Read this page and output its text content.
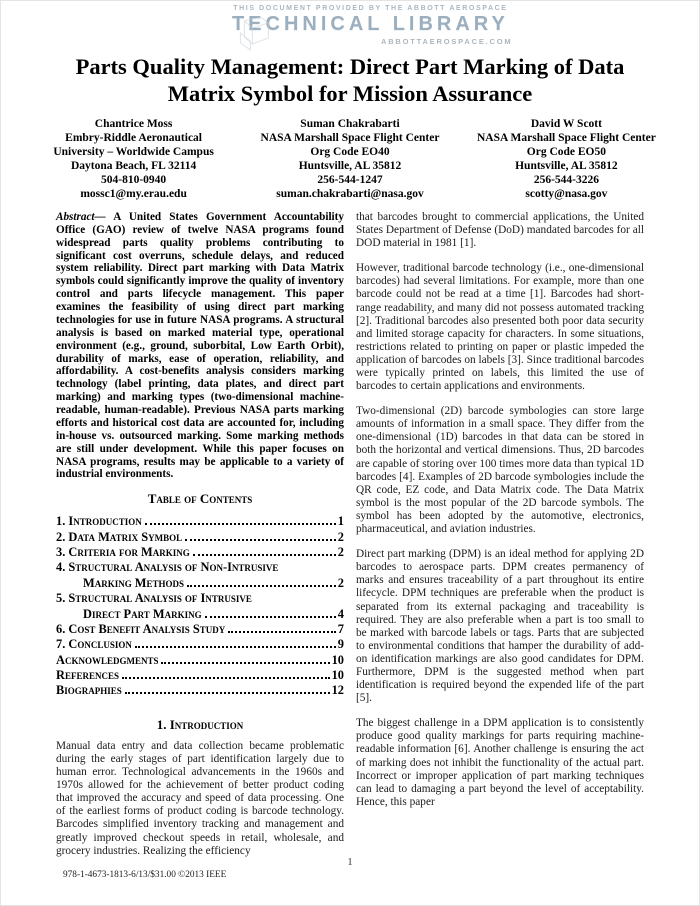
THIS DOCUMENT PROVIDED BY THE ABBOTT AEROSPACE
TECHNICAL LIBRARY
ABBOTTAEROSPACE.COM
Parts Quality Management: Direct Part Marking of Data Matrix Symbol for Mission Assurance
Chantrice Moss
Embry-Riddle Aeronautical
University – Worldwide Campus
Daytona Beach, FL 32114
504-810-0940
mossc1@my.erau.edu
Suman Chakrabarti
NASA Marshall Space Flight Center
Org Code EO40
Huntsville, AL 35812
256-544-1247
suman.chakrabarti@nasa.gov
David W Scott
NASA Marshall Space Flight Center
Org Code EO50
Huntsville, AL 35812
256-544-3226
scotty@nasa.gov

Abstract— A United States Government Accountability Office (GAO) review of twelve NASA programs found widespread parts quality problems contributing to significant cost overruns, schedule delays, and reduced system reliability. Direct part marking with Data Matrix symbols could significantly improve the quality of inventory control and parts lifecycle management. This paper examines the feasibility of using direct part marking technologies for use in future NASA programs. A structural analysis is based on marked material type, operational environment (e.g., ground, suborbital, Low Earth Orbit), durability of marks, ease of operation, reliability, and affordability. A cost-benefits analysis considers marking technology (label printing, data plates, and direct part marking) and marking types (two-dimensional machine-readable, human-readable). Previous NASA parts marking efforts and historical cost data are accounted for, including in-house vs. outsourced marking. Some marking methods are still under development. While this paper focuses on NASA programs, results may be applicable to a variety of industrial environments.

Table of Contents
1. Introduction	1
2. Data Matrix Symbol	2
3. Criteria for Marking	2
4. Structural Analysis of Non-Intrusive
Marking Methods	2
5. Structural Analysis of Intrusive
Direct Part Marking	4
6. Cost Benefit Analysis Study	7
7. Conclusion	9
Acknowledgments	10
References	10
Biographies	12
1. Introduction

Manual data entry and data collection became problematic during the early stages of part identification largely due to human error. Technological advancements in the 1960s and 1970s allowed for the achievement of better product coding that improved the accuracy and speed of data processing. One of the earliest forms of product coding is barcode technology. Barcodes simplified inventory tracking and management and greatly improved checkout speeds in retail, wholesale, and grocery industries. Realizing the efficiency

978-1-4673-1813-6/13/$31.00 ©2013 IEEE

that barcodes brought to commercial applications, the United States Department of Defense (DoD) mandated barcodes for all DOD material in 1981 [1].

However, traditional barcode technology (i.e., one-dimensional barcodes) had several limitations. For example, more than one barcode could not be read at a time [1]. Barcodes had short-range readability, and many did not possess automated tracking [2]. Traditional barcodes also presented both poor data security and limited storage capacity for characters. In some situations, restrictions related to printing on paper or plastic impeded the application of barcodes on labels [3]. Since traditional barcodes were typically printed on labels, this limited the use of barcodes to certain applications and environments.

Two-dimensional (2D) barcode symbologies can store large amounts of information in a small space. They differ from the one-dimensional (1D) barcodes in that data can be stored in both the horizontal and vertical dimensions. Thus, 2D barcodes are capable of storing over 100 times more data than typical 1D barcodes [4]. Examples of 2D barcode symbologies include the QR code, EZ code, and Data Matrix code. The Data Matrix symbol is the most popular of the 2D barcode symbols. The symbol has been adopted by the automotive, electronics, pharmaceutical, and aviation industries.

Direct part marking (DPM) is an ideal method for applying 2D barcodes to aerospace parts. DPM creates permanency of marks and ensures traceability of a part throughout its entire lifecycle. DPM techniques are preferable when the product is separated from its external packaging and traceability is required. They are also preferable when a part is too small to be marked with barcode labels or tags. Parts that are subjected to environmental conditions that hamper the durability of add-on identification markings are also good candidates for DPM. Furthermore, DPM is the suggested method when part identification is required beyond the expended life of the part [5].

The biggest challenge in a DPM application is to consistently produce good quality markings for parts requiring machine-readable information [6]. Another challenge is ensuring the act of marking does not inhibit the functionality of the actual part. Incorrect or improper application of part marking techniques can lead to damaging a part beyond the level of acceptability. Hence, this paper

1
